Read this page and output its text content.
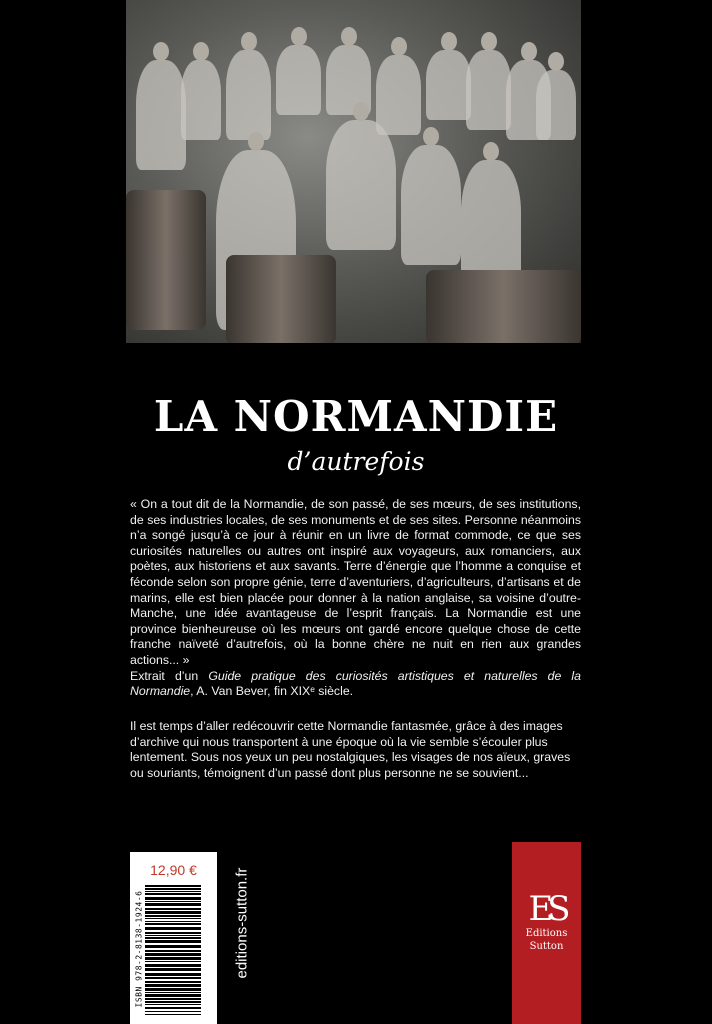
LA NORMANDIE
d’autrefois
« On a tout dit de la Normandie, de son passé, de ses mœurs, de ses institutions, de ses industries locales, de ses monuments et de ses sites. Personne néanmoins n’a songé jusqu’à ce jour à réunir en un livre de format commode, ce que ses curiosités naturelles ou autres ont inspiré aux voyageurs, aux romanciers, aux poètes, aux historiens et aux savants. Terre d’énergie que l’homme a conquise et féconde selon son propre génie, terre d’aventuriers, d’agriculteurs, d’artisans et de marins, elle est bien placée pour donner à la nation anglaise, sa voisine d’outre-Manche, une idée avantageuse de l’esprit français. La Normandie est une province bienheureuse où les mœurs ont gardé encore quelque chose de cette franche naïveté d’autrefois, où la bonne chère ne nuit en rien aux grandes actions... »
Extrait d’un Guide pratique des curiosités artistiques et naturelles de la Normandie, A. Van Bever, fin XIXᵉ siècle.
Il est temps d’aller redécouvrir cette Normandie fantasmée, grâce à des images d’archive qui nous transportent à une époque où la vie semble s’écouler plus lentement. Sous nos yeux un peu nostalgiques, les visages de nos aïeux, graves ou souriants, témoignent d’un passé dont plus personne ne se souvient...
12,90 €
ISBN 978-2-8138-1924-6	9 782813 819246 editions-sutton.fr	ES
Editions
Sutton
